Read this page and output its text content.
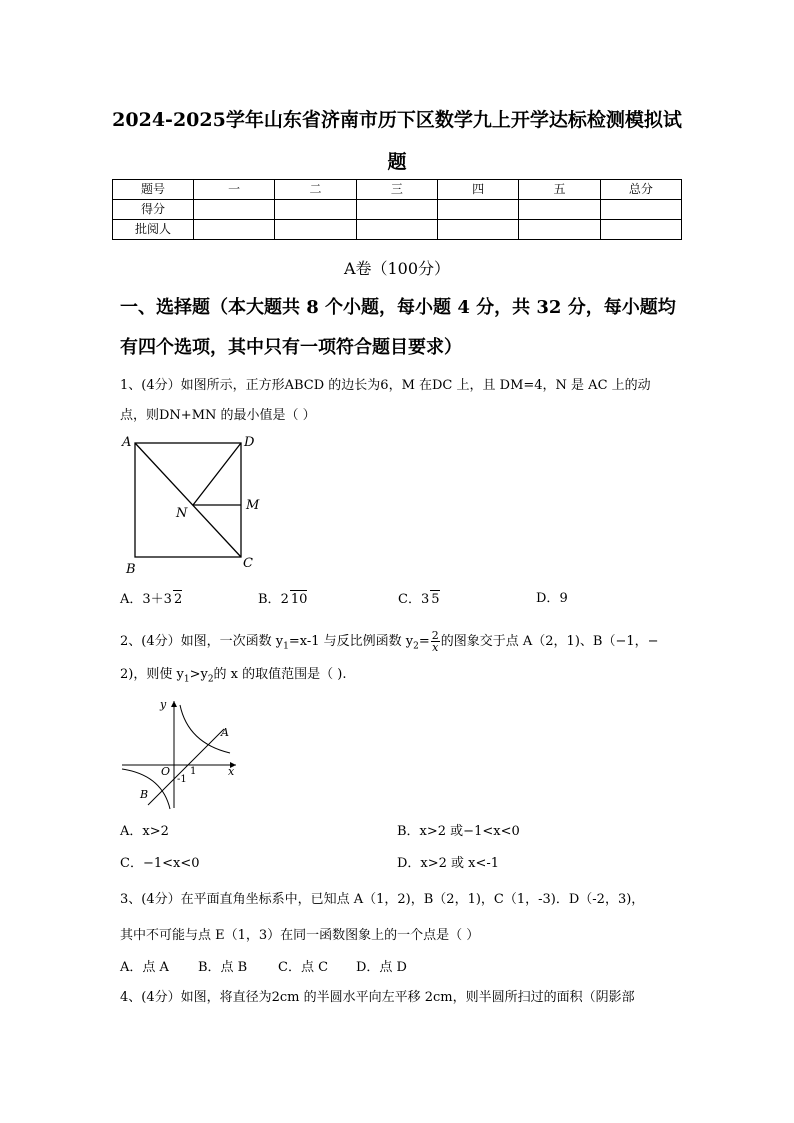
2024-2025学年山东省济南市历下区数学九上开学达标检测模拟试
题
题号	一	二	三	四	五	总分
得分						
批阅人						
A卷（100分）
一、选择题（本大题共 8 个小题，每小题 4 分，共 32 分，每小题均
有四个选项，其中只有一项符合题目要求）
1、(4分）如图所示，正方形ABCD 的边长为6，M 在DC 上，且 DM=4，N 是 AC 上的动
点，则DN+MN 的最小值是（ ）
A	D
M
N
B	C
A．3＋3 2	B．2 10	C．3 5	D．9
2、(4分）如图，一次函数 $y_1=x-1$ 与反比例函数 $y_2= \frac{2}{x}$ 的图象交于点 A（2，1)、B（−1，−
2)，则使 $y_1>y_2$的 x 的取值范围是（ ).
y
x
O 1
-1
A
B
A．x>2	B．x>2 或−1<x<0
C．−1<x<0	D．x>2 或 x<-1
3、(4分）在平面直角坐标系中，已知点 A（1，2)，B（2，1)，C（1，-3)．D（-2，3)，
其中不可能与点 E（1，3）在同一函数图象上的一个点是（ ）
A．点 A B．点 B C．点 C D．点 D
4、(4分）如图，将直径为2cm 的半圆水平向左平移 2cm，则半圆所扫过的面积（阴影部
